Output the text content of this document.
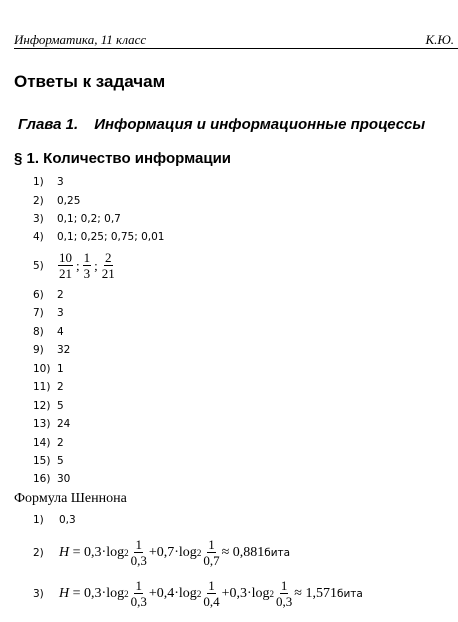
Информатика, 11 класс	К.Ю.
Ответы к задачам
Глава 1. Информация и информационные процессы
§ 1. Количество информации
1) 3
2) 0,25
3) 0,1; 0,2; 0,7
4) 0,1; 0,25; 0,75; 0,01
5)	$\frac{10}{21}$ ; $\frac{1}{3}$ ; $\frac{2}{21}$
6) 2
7) 3
8) 4
9) 32
10) 1
11) 2
12) 5
13) 24
14) 2
15) 5
16) 30
Формула Шеннона
1)	0,3
2)	H
=
$0,3 \cdot \log 2 \frac{1}{0,3} + 0,7 \cdot \log 2 \frac{1}{0,7}$ ≈
0,881 бита
3)	H
=
$0,3 \cdot \log 2 \frac{1}{0,3} + 0,4 \cdot \log 2 \frac{1}{0,4} + 0,3 \cdot \log 2 \frac{1}{0,3}$ ≈
1,571 бита
